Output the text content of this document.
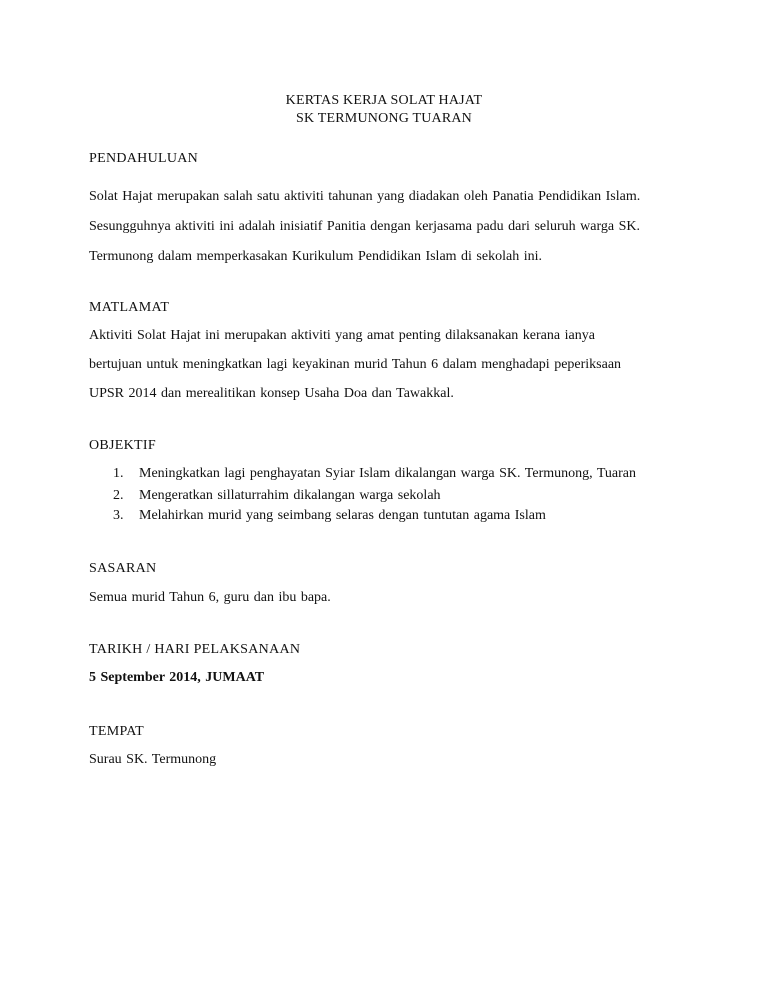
KERTAS KERJA SOLAT HAJAT
SK TERMUNONG TUARAN
PENDAHULUAN
Solat Hajat merupakan salah satu aktiviti tahunan yang diadakan oleh Panatia Pendidikan Islam.
Sesungguhnya aktiviti ini adalah inisiatif Panitia dengan kerjasama padu dari seluruh warga SK.
Termunong dalam memperkasakan Kurikulum Pendidikan Islam di sekolah ini.
MATLAMAT
Aktiviti Solat Hajat ini merupakan aktiviti yang amat penting dilaksanakan kerana ianya
bertujuan untuk meningkatkan lagi keyakinan murid Tahun 6 dalam menghadapi peperiksaan
UPSR 2014 dan merealitikan konsep Usaha Doa dan Tawakkal.
OBJEKTIF
1. Meningkatkan lagi penghayatan Syiar Islam dikalangan warga SK. Termunong, Tuaran
2. Mengeratkan sillaturrahim dikalangan warga sekolah
3. Melahirkan murid yang seimbang selaras dengan tuntutan agama Islam
SASARAN
Semua murid Tahun 6, guru dan ibu bapa.
TARIKH / HARI PELAKSANAAN
5 September 2014, JUMAAT
TEMPAT
Surau SK. Termunong
